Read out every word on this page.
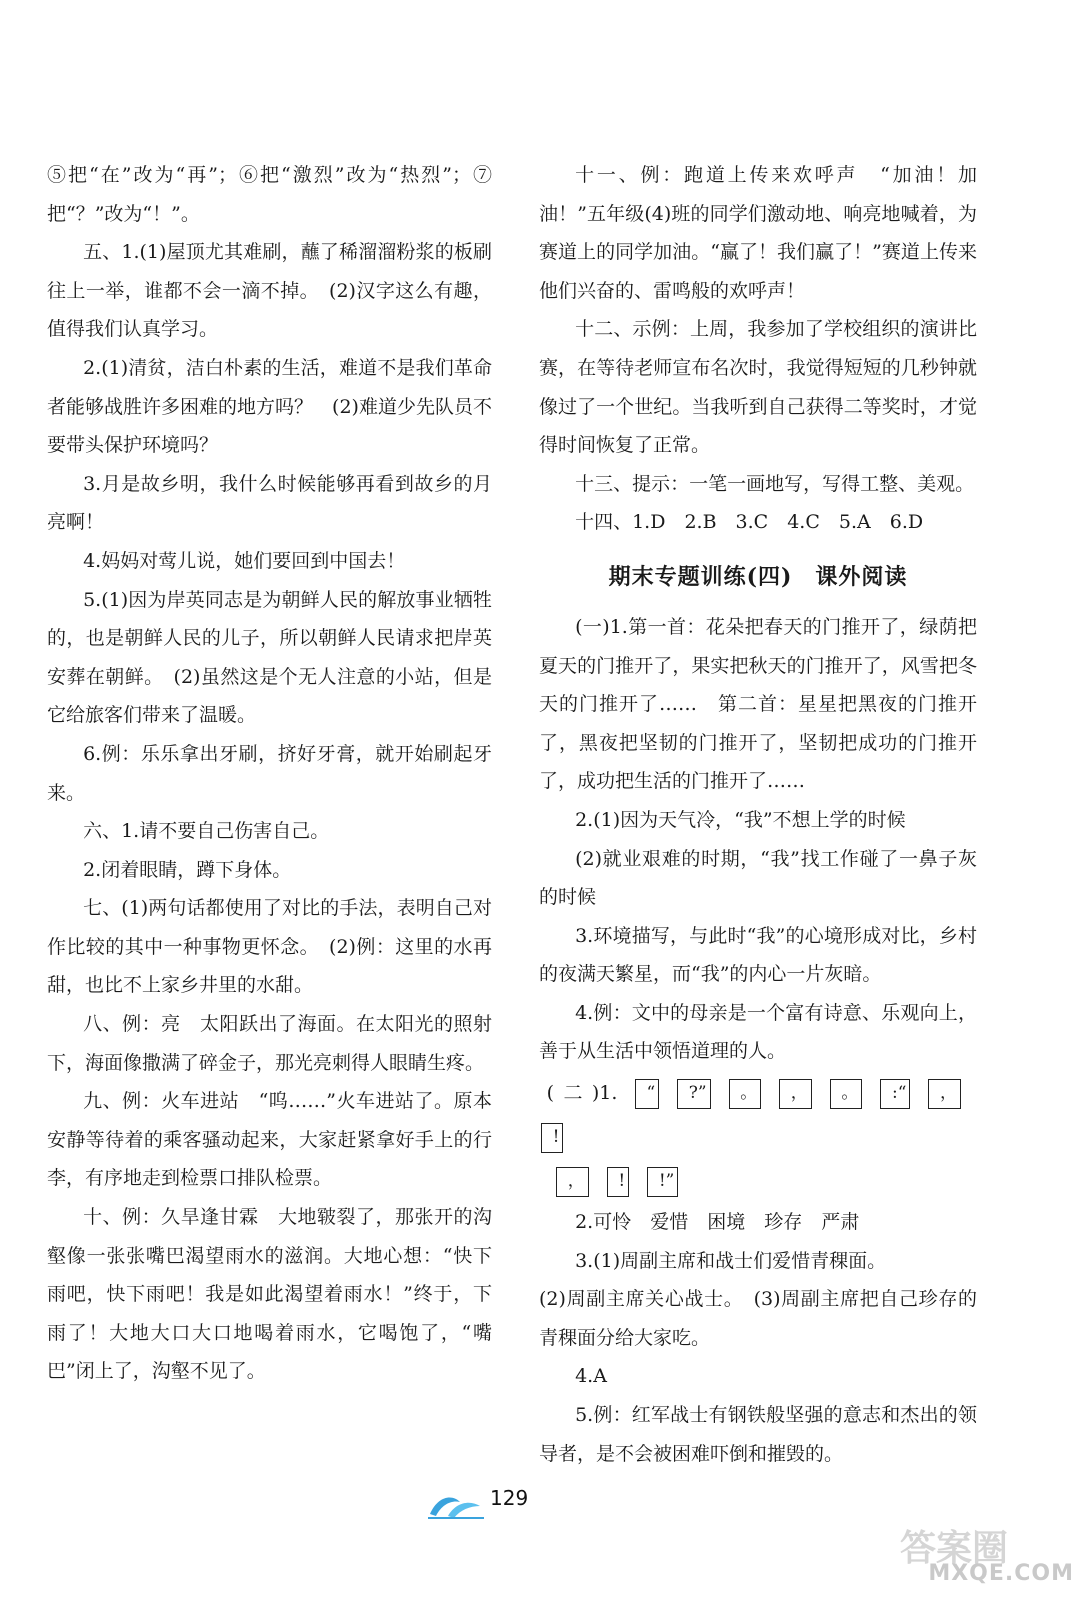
⑤把“在”改为“再”；⑥把“激烈”改为“热烈”；⑦把“？”改为“！”。

五、1.(1)屋顶尤其难刷，蘸了稀溜溜粉浆的板刷往上一举，谁都不会一滴不掉。　(2)汉字这么有趣，值得我们认真学习。

2.(1)清贫，洁白朴素的生活，难道不是我们革命者能够战胜许多困难的地方吗？　(2)难道少先队员不要带头保护环境吗？

3.月是故乡明，我什么时候能够再看到故乡的月亮啊！

4.妈妈对莺儿说，她们要回到中国去！

5.(1)因为岸英同志是为朝鲜人民的解放事业牺牲的，也是朝鲜人民的儿子，所以朝鲜人民请求把岸英安葬在朝鲜。　(2)虽然这是个无人注意的小站，但是它给旅客们带来了温暖。

6.例：乐乐拿出牙刷，挤好牙膏，就开始刷起牙来。

六、1.请不要自己伤害自己。

2.闭着眼睛，蹲下身体。

七、(1)两句话都使用了对比的手法，表明自己对作比较的其中一种事物更怀念。　(2)例：这里的水再甜，也比不上家乡井里的水甜。

八、例：亮　太阳跃出了海面。在太阳光的照射下，海面像撒满了碎金子，那光亮刺得人眼睛生疼。

九、例：火车进站　“呜……”火车进站了。原本安静等待着的乘客骚动起来，大家赶紧拿好手上的行李，有序地走到检票口排队检票。

十、例：久旱逢甘霖　大地皲裂了，那张开的沟壑像一张张嘴巴渴望雨水的滋润。大地心想：“快下雨吧，快下雨吧！我是如此渴望着雨水！”终于，下雨了！大地大口大口地喝着雨水，它喝饱了，“嘴巴”闭上了，沟壑不见了。

十一、例：跑道上传来欢呼声　“加油！加油！”五年级(4)班的同学们激动地、响亮地喊着，为赛道上的同学加油。“赢了！我们赢了！”赛道上传来他们兴奋的、雷鸣般的欢呼声！

十二、示例：上周，我参加了学校组织的演讲比赛，在等待老师宣布名次时，我觉得短短的几秒钟就像过了一个世纪。当我听到自己获得二等奖时，才觉得时间恢复了正常。

十三、提示：一笔一画地写，写得工整、美观。

十四、1.D　2.B　3.C　4.C　5.A　6.D

期末专题训练(四)　课外阅读

(一)1.第一首：花朵把春天的门推开了，绿荫把夏天的门推开了，果实把秋天的门推开了，风雪把冬天的门推开了……　第二首：星星把黑夜的门推开了，黑夜把坚韧的门推开了，坚韧把成功的门推开了，成功把生活的门推开了……

2.(1)因为天气冷，“我”不想上学的时候

(2)就业艰难的时期，“我”找工作碰了一鼻子灰的时候

3.环境描写，与此时“我”的心境形成对比，乡村的夜满天繁星，而“我”的内心一片灰暗。

4.例：文中的母亲是一个富有诗意、乐观向上，善于从生活中领悟道理的人。

(二)1. “ ?” 。 ， 。 :“ ，!

， ! !”

2.可怜　爱惜　困境　珍存　严肃

3.(1)周副主席和战士们爱惜青稞面。

(2)周副主席关心战士。　(3)周副主席把自己珍存的青稞面分给大家吃。

4.A

5.例：红军战士有钢铁般坚强的意志和杰出的领导者，是不会被困难吓倒和摧毁的。

129
答案圈
MXQE.COM
